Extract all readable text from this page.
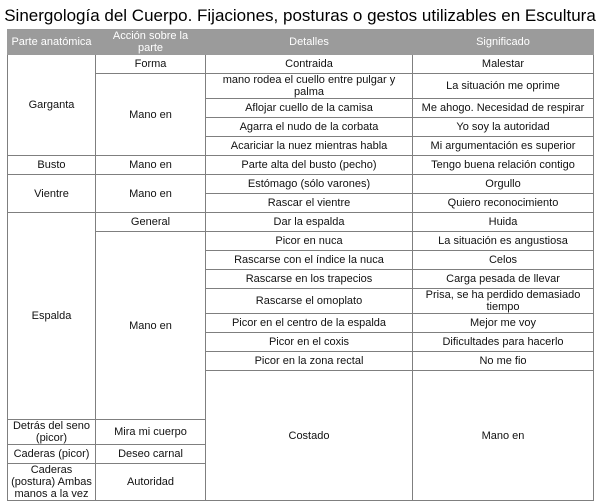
Sinergología del Cuerpo. Fijaciones, posturas o gestos utilizables en Escultura
Parte anatómica	Acción sobre la parte	Detalles	Significado	
Garganta	Forma	Contraida	Malestar	
	Mano en	mano rodea el cuello entre pulgar y palma	La situación me oprime	
		Aflojar cuello de la camisa	Me ahogo. Necesidad de respirar	
		Agarra el nudo de la corbata	Yo soy la autoridad	
		Acariciar la nuez mientras habla	Mi argumentación es superior	
Busto	Mano en	Parte alta del busto (pecho)	Tengo buena relación contigo	
Vientre	Mano en	Estómago (sólo varones)	Orgullo	
		Rascar el vientre	Quiero reconocimiento	
Espalda	General	Dar la espalda	Huida	
	Mano en	Picor en nuca	La situación es angustiosa	
		Rascarse con el índice la nuca	Celos	
		Rascarse en los trapecios	Carga pesada de llevar	
		Rascarse el omoplato	Prisa, se ha perdido demasiado tiempo	
		Picor en el centro de la espalda	Mejor me voy	
		Picor en el coxis	Dificultades para hacerlo	
		Picor en la zona rectal	No me fio	
		Costado	Mano en		
Detrás del seno (picor)	Mira mi cuerpo			
Caderas (picor)	Deseo carnal			
Caderas (postura) Ambas manos a la vez	Autoridad			
